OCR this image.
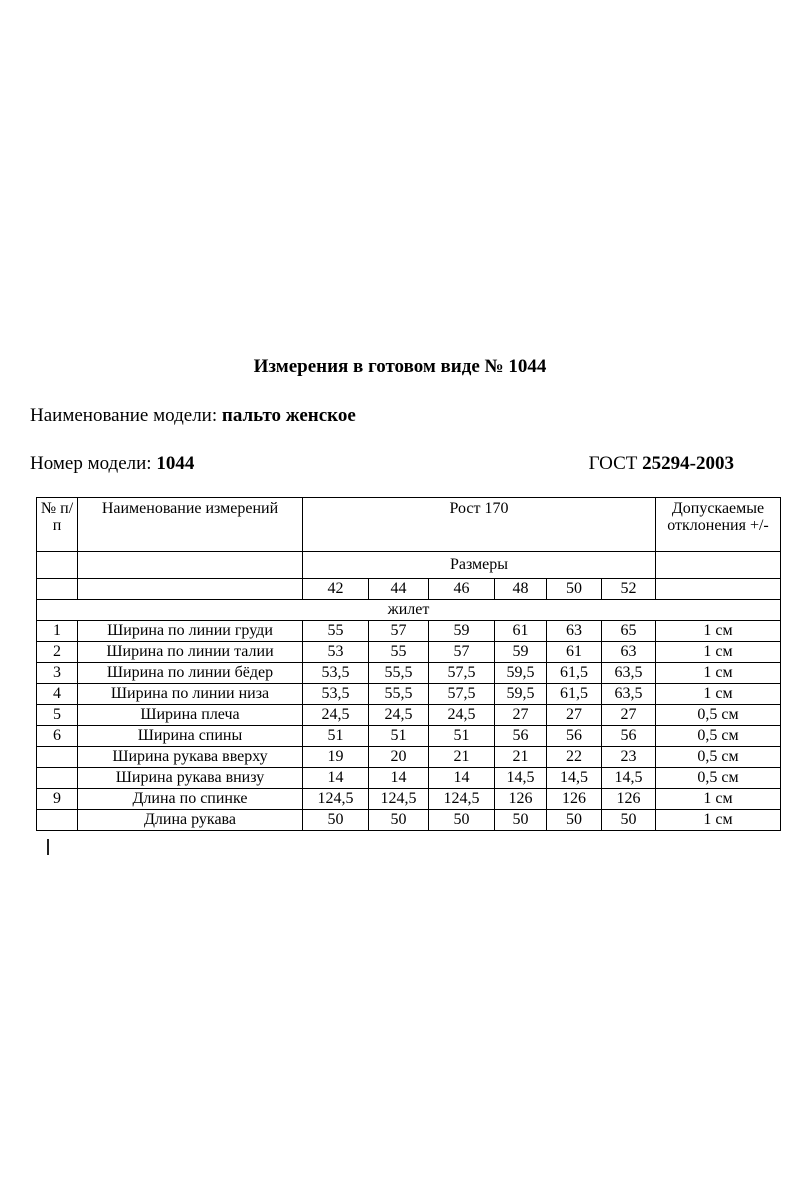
Измерения в готовом виде № 1044

Наименование модели: пальто женское

Номер модели: 1044	ГОСТ 25294-2003
№ п/п	Наименование измерений	Рост 170						Допускаемые отклонения +/-
		Размеры						
		42	44	46	48	50	52	
жилет								
1	Ширина по линии груди	55	57	59	61	63	65	1 см
2	Ширина по линии талии	53	55	57	59	61	63	1 см
3	Ширина по линии бёдер	53,5	55,5	57,5	59,5	61,5	63,5	1 см
4	Ширина по линии низа	53,5	55,5	57,5	59,5	61,5	63,5	1 см
5	Ширина плеча	24,5	24,5	24,5	27	27	27	0,5 см
6	Ширина спины	51	51	51	56	56	56	0,5 см
	Ширина рукава вверху	19	20	21	21	22	23	0,5 см
	Ширина рукава внизу	14	14	14	14,5	14,5	14,5	0,5 см
9	Длина по спинке	124,5	124,5	124,5	126	126	126	1 см
	Длина рукава	50	50	50	50	50	50	1 см
